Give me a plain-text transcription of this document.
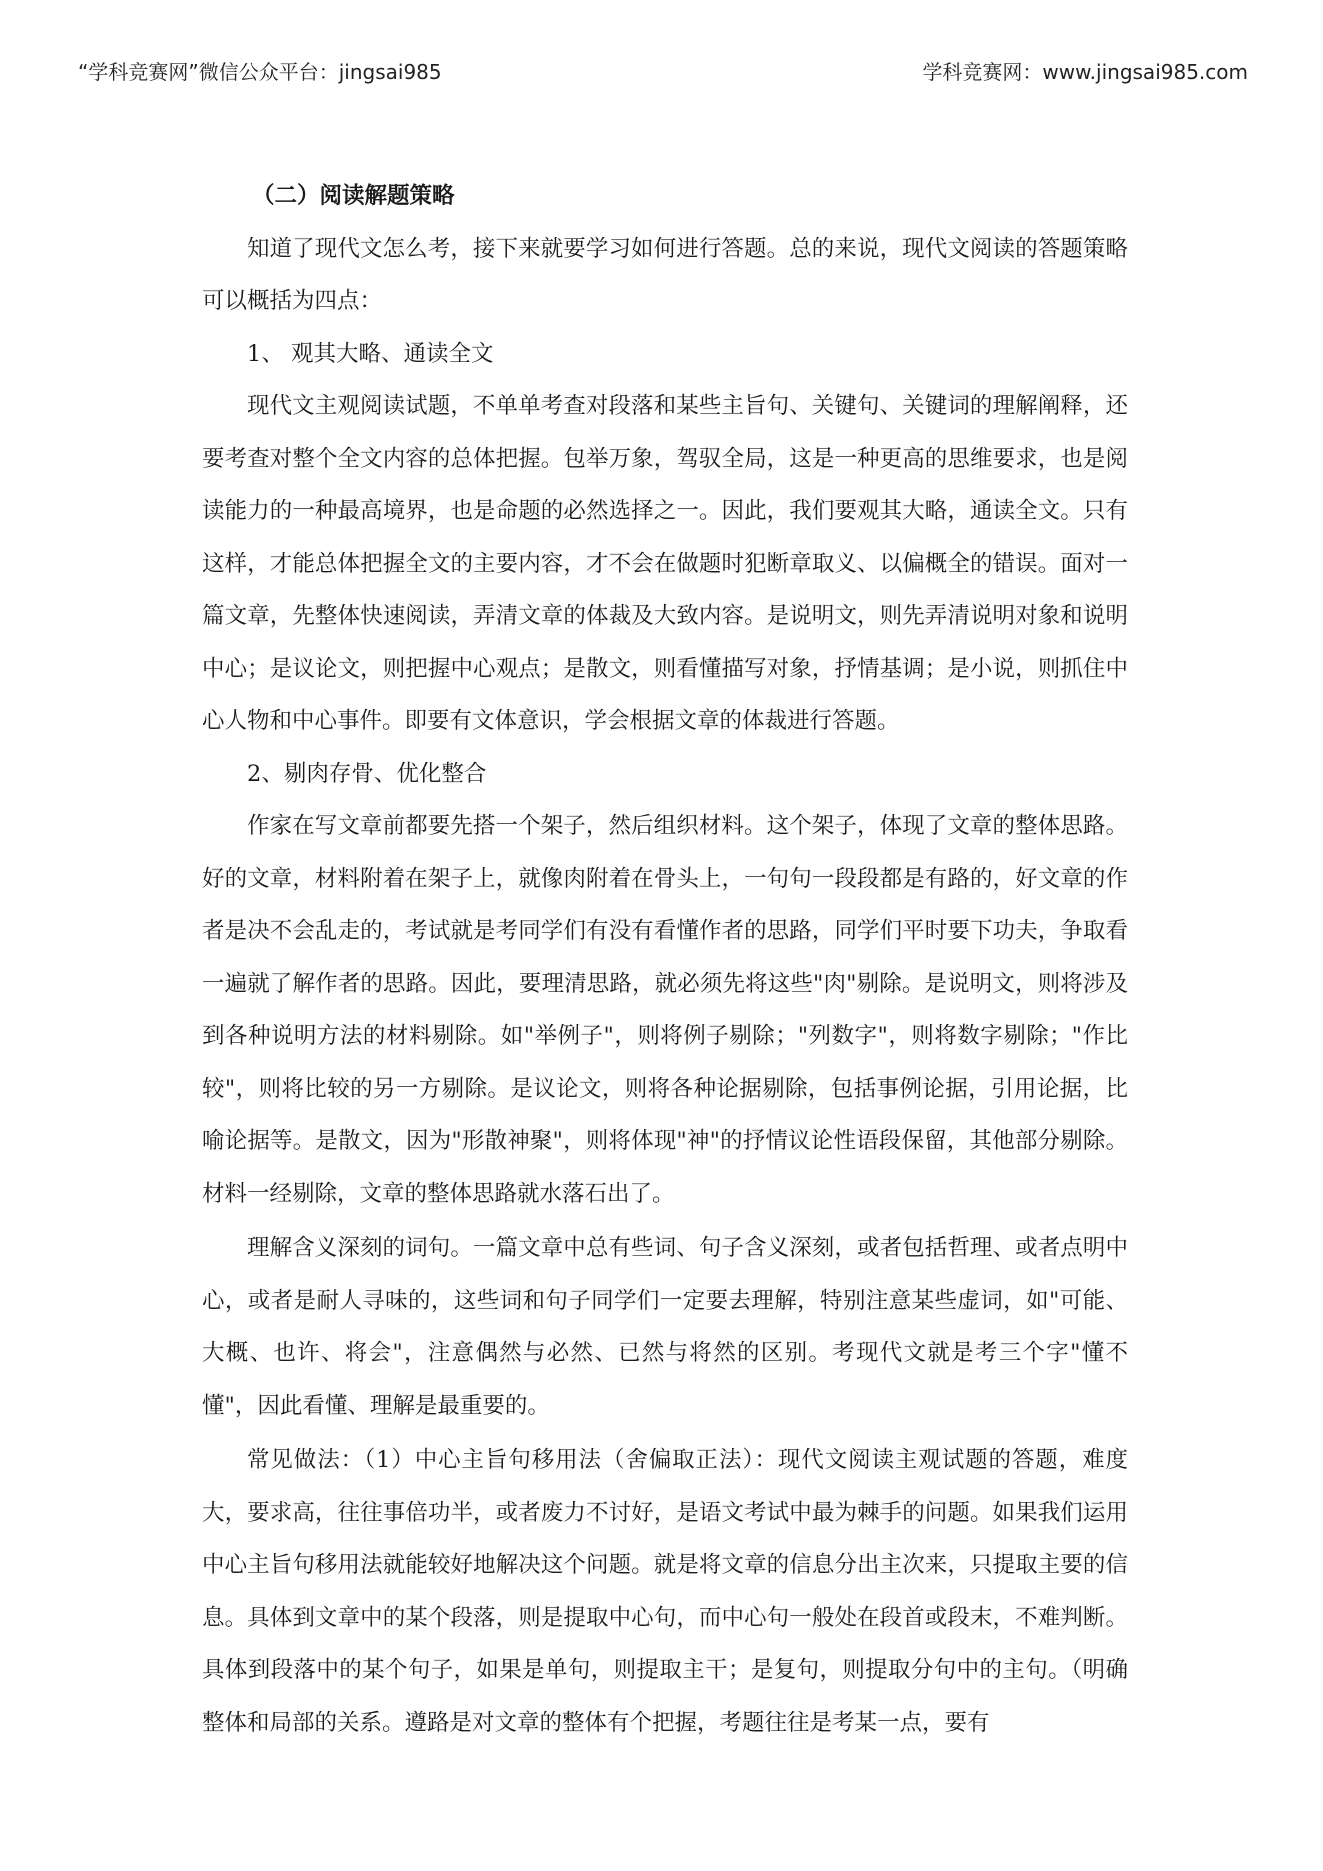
“学科竞赛网”微信公众平台：jingsai985	学科竞赛网：www.jingsai985.com
（二）阅读解题策略

知道了现代文怎么考，接下来就要学习如何进行答题。总的来说，现代文阅读的答题策略可以概括为四点：

1、 观其大略、通读全文

现代文主观阅读试题，不单单考查对段落和某些主旨句、关键句、关键词的理解阐释，还要考查对整个全文内容的总体把握。包举万象，驾驭全局，这是一种更高的思维要求，也是阅读能力的一种最高境界，也是命题的必然选择之一。因此，我们要观其大略，通读全文。只有这样，才能总体把握全文的主要内容，才不会在做题时犯断章取义、以偏概全的错误。面对一篇文章，先整体快速阅读，弄清文章的体裁及大致内容。是说明文，则先弄清说明对象和说明中心；是议论文，则把握中心观点；是散文，则看懂描写对象，抒情基调；是小说，则抓住中心人物和中心事件。即要有文体意识，学会根据文章的体裁进行答题。

2、剔肉存骨、优化整合

作家在写文章前都要先搭一个架子，然后组织材料。这个架子，体现了文章的整体思路。好的文章，材料附着在架子上，就像肉附着在骨头上，一句句一段段都是有路的，好文章的作者是决不会乱走的，考试就是考同学们有没有看懂作者的思路，同学们平时要下功夫，争取看一遍就了解作者的思路。因此，要理清思路，就必须先将这些"肉"剔除。是说明文，则将涉及到各种说明方法的材料剔除。如"举例子"，则将例子剔除；"列数字"，则将数字剔除；"作比较"，则将比较的另一方剔除。是议论文，则将各种论据剔除，包括事例论据，引用论据，比喻论据等。是散文，因为"形散神聚"，则将体现"神"的抒情议论性语段保留，其他部分剔除。材料一经剔除，文章的整体思路就水落石出了。

理解含义深刻的词句。一篇文章中总有些词、句子含义深刻，或者包括哲理、或者点明中心，或者是耐人寻味的，这些词和句子同学们一定要去理解，特别注意某些虚词，如"可能、大概、也许、将会"，注意偶然与必然、已然与将然的区别。考现代文就是考三个字"懂不懂"，因此看懂、理解是最重要的。

常见做法：（1）中心主旨句移用法（舍偏取正法）：现代文阅读主观试题的答题，难度大，要求高，往往事倍功半，或者废力不讨好，是语文考试中最为棘手的问题。如果我们运用中心主旨句移用法就能较好地解决这个问题。就是将文章的信息分出主次来，只提取主要的信息。具体到文章中的某个段落，则是提取中心句，而中心句一般处在段首或段末，不难判断。具体到段落中的某个句子，如果是单句，则提取主干；是复句，则提取分句中的主句。（明确整体和局部的关系。遵路是对文章的整体有个把握，考题往往是考某一点，要有
